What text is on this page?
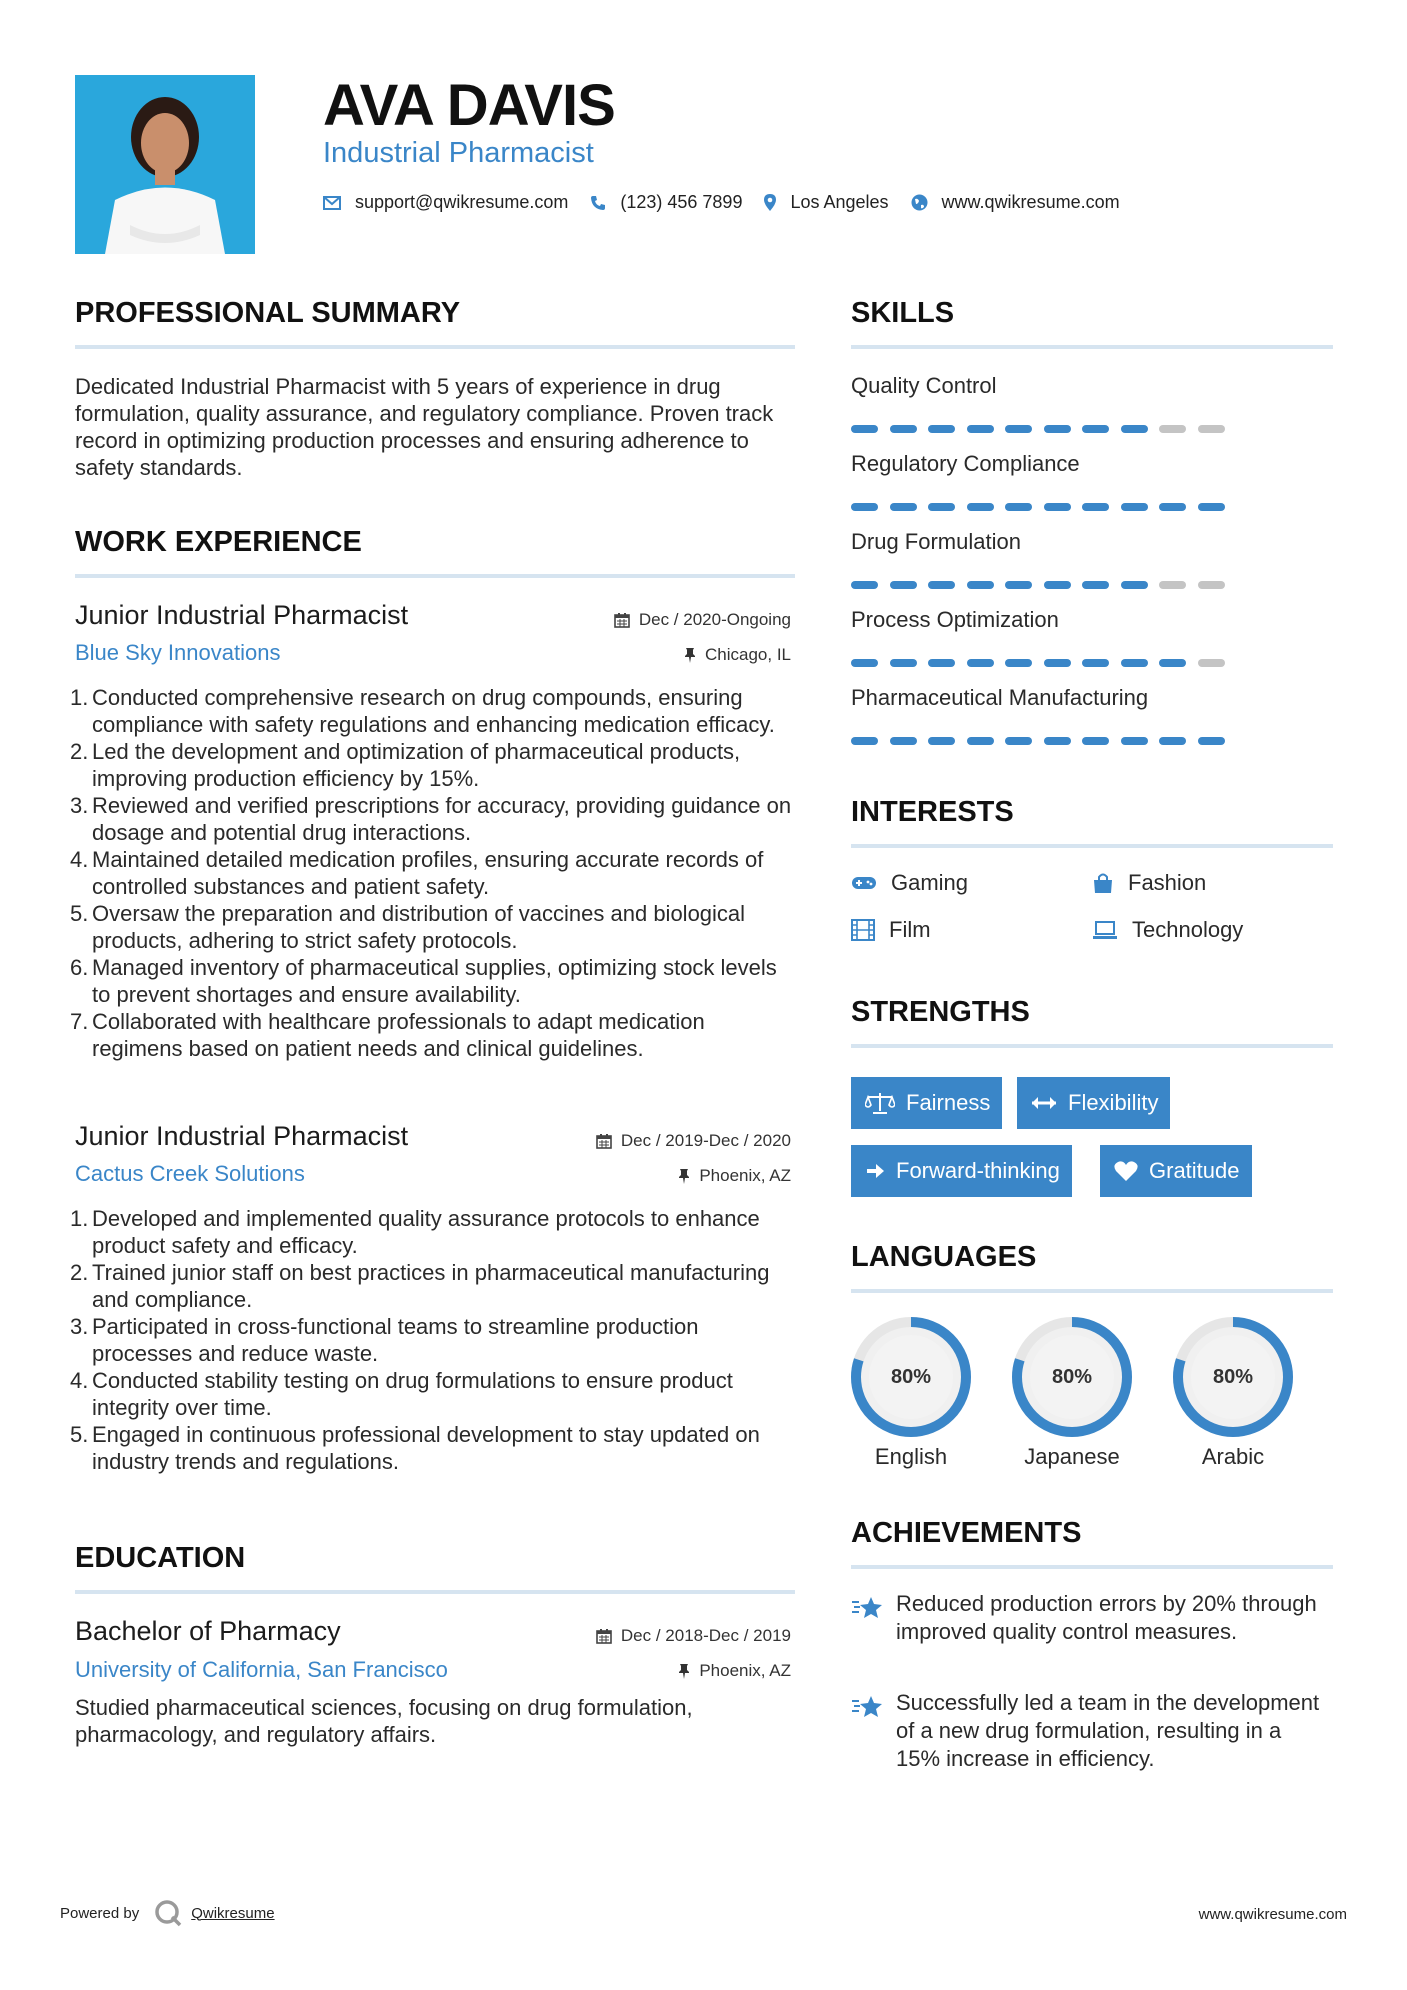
AVA DAVIS
Industrial Pharmacist
support@qwikresume.com	(123) 456 7899	Los Angeles	www.qwikresume.com
PROFESSIONAL SUMMARY
Dedicated Industrial Pharmacist with 5 years of experience in drug formulation, quality assurance, and regulatory compliance. Proven track record in optimizing production processes and ensuring adherence to safety standards.
WORK EXPERIENCE
Junior Industrial Pharmacist
Blue Sky Innovations
Dec / 2020-Ongoing
Chicago, IL
Conducted comprehensive research on drug compounds, ensuring compliance with safety regulations and enhancing medication efficacy.
Led the development and optimization of pharmaceutical products, improving production efficiency by 15%.
Reviewed and verified prescriptions for accuracy, providing guidance on dosage and potential drug interactions.
Maintained detailed medication profiles, ensuring accurate records of controlled substances and patient safety.
Oversaw the preparation and distribution of vaccines and biological products, adhering to strict safety protocols.
Managed inventory of pharmaceutical supplies, optimizing stock levels to prevent shortages and ensure availability.
Collaborated with healthcare professionals to adapt medication regimens based on patient needs and clinical guidelines.
Junior Industrial Pharmacist
Cactus Creek Solutions
Dec / 2019-Dec / 2020
Phoenix, AZ
Developed and implemented quality assurance protocols to enhance product safety and efficacy.
Trained junior staff on best practices in pharmaceutical manufacturing and compliance.
Participated in cross-functional teams to streamline production processes and reduce waste.
Conducted stability testing on drug formulations to ensure product integrity over time.
Engaged in continuous professional development to stay updated on industry trends and regulations.
EDUCATION
Bachelor of Pharmacy
University of California, San Francisco
Dec / 2018-Dec / 2019
Phoenix, AZ
Studied pharmaceutical sciences, focusing on drug formulation, pharmacology, and regulatory affairs.
SKILLS
Quality Control
Regulatory Compliance
Drug Formulation
Process Optimization
Pharmaceutical Manufacturing
INTERESTS
Gaming	Fashion
Film	Technology
STRENGTHS
Fairness	Flexibility
Forward-thinking	Gratitude
LANGUAGES
80%
English
80%
Japanese
80%
Arabic
ACHIEVEMENTS
Reduced production errors by 20% through improved quality control measures.
Successfully led a team in the development of a new drug formulation, resulting in a 15% increase in efficiency.
Powered by	Qwikresume	www.qwikresume.com
